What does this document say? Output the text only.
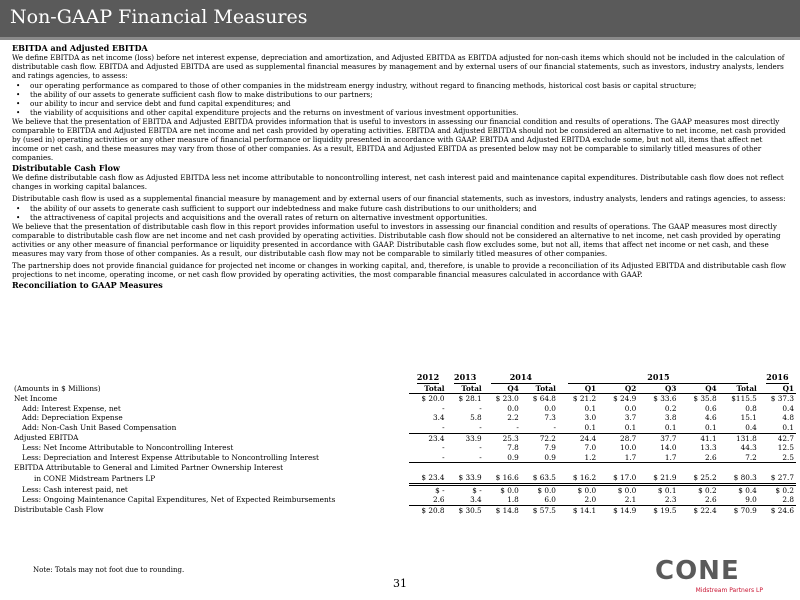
Non-GAAP Financial Measures
EBITDA and Adjusted EBITDA
We define EBITDA as net income (loss) before net interest expense, depreciation and amortization, and Adjusted EBITDA as EBITDA adjusted for non-cash items which should not be included in the calculation of distributable cash flow. EBITDA and Adjusted EBITDA are used as supplemental financial measures by management and by external users of our financial statements, such as investors, industry analysts, lenders and ratings agencies, to assess:
• our operating performance as compared to those of other companies in the midstream energy industry, without regard to financing methods, historical cost basis or capital structure;
• the ability of our assets to generate sufficient cash flow to make distributions to our partners;
• our ability to incur and service debt and fund capital expenditures; and
• the viability of acquisitions and other capital expenditure projects and the returns on investment of various investment opportunities.
We believe that the presentation of EBITDA and Adjusted EBITDA provides information that is useful to investors in assessing our financial condition and results of operations. The GAAP measures most directly comparable to EBITDA and Adjusted EBITDA are net income and net cash provided by operating activities. EBITDA and Adjusted EBITDA should not be considered an alternative to net income, net cash provided by (used in) operating activities or any other measure of financial performance or liquidity presented in accordance with GAAP. EBITDA and Adjusted EBITDA exclude some, but not all, items that affect net income or net cash, and these measures may vary from those of other companies. As a result, EBITDA and Adjusted EBITDA as presented below may not be comparable to similarly titled measures of other companies.
Distributable Cash Flow
We define distributable cash flow as Adjusted EBITDA less net income attributable to noncontrolling interest, net cash interest paid and maintenance capital expenditures. Distributable cash flow does not reflect changes in working capital balances.
Distributable cash flow is used as a supplemental financial measure by management and by external users of our financial statements, such as investors, industry analysts, lenders and ratings agencies, to assess:
• the ability of our assets to generate cash sufficient to support our indebtedness and make future cash distributions to our unitholders; and
• the attractiveness of capital projects and acquisitions and the overall rates of return on alternative investment opportunities.
We believe that the presentation of distributable cash flow in this report provides information useful to investors in assessing our financial condition and results of operations. The GAAP measures most directly comparable to distributable cash flow are net income and net cash provided by operating activities. Distributable cash flow should not be considered an alternative to net income, net cash provided by operating activities or any other measure of financial performance or liquidity presented in accordance with GAAP. Distributable cash flow excludes some, but not all, items that affect net income or net cash, and these measures may vary from those of other companies. As a result, our distributable cash flow may not be comparable to similarly titled measures of other companies.
The partnership does not provide financial guidance for projected net income or changes in working capital, and, therefore, is unable to provide a reconciliation of its Adjusted EBITDA and distributable cash flow projections to net income, operating income, or net cash flow provided by operating activities, the most comparable financial measures calculated in accordance with GAAP.
Reconciliation to GAAP Measures
	2012	2013	2014		2015					2016
(Amounts in $ Millions)	Total	Total	Q4	Total	Q1	Q2	Q3	Q4	Total	Q1
Net Income	$ 20.0	$ 28.1	$ 23.0	$ 64.8	$ 21.2	$ 24.9	$ 33.6	$ 35.8	$115.5	$ 37.3
Add: Interest Expense, net	-	-	0.0	0.0	0.1	0.0	0.2	0.6	0.8	0.4
Add: Depreciation Expense	3.4	5.8	2.2	7.3	3.0	3.7	3.8	4.6	15.1	4.8
Add: Non-Cash Unit Based Compensation	-	-	-	-	0.1	0.1	0.1	0.1	0.4	0.1
Adjusted EBITDA	23.4	33.9	25.3	72.2	24.4	28.7	37.7	41.1	131.8	42.7
Less: Net Income Attributable to Noncontrolling Interest	-	-	7.8	7.9	7.0	10.0	14.0	13.3	44.3	12.5
Less: Depreciation and Interest Expense Attributable to Noncontrolling Interest	-	-	0.9	0.9	1.2	1.7	1.7	2.6	7.2	2.5
EBITDA Attributable to General and Limited Partner Ownership Interest										
in CONE Midstream Partners LP	$ 23.4	$ 33.9	$ 16.6	$ 63.5	$ 16.2	$ 17.0	$ 21.9	$ 25.2	$ 80.3	$ 27.7
Less: Cash interest paid, net	$ -	$ -	$ 0.0	$ 0.0	$ 0.0	$ 0.0	$ 0.1	$ 0.2	$ 0.4	$ 0.2
Less: Ongoing Maintenance Capital Expenditures, Net of Expected Reimbursements	2.6	3.4	1.8	6.0	2.0	2.1	2.3	2.6	9.0	2.8
Distributable Cash Flow	$ 20.8	$ 30.5	$ 14.8	$ 57.5	$ 14.1	$ 14.9	$ 19.5	$ 22.4	$ 70.9	$ 24.6
Note: Totals may not foot due to rounding.
31	CONE
Midstream Partners LP
